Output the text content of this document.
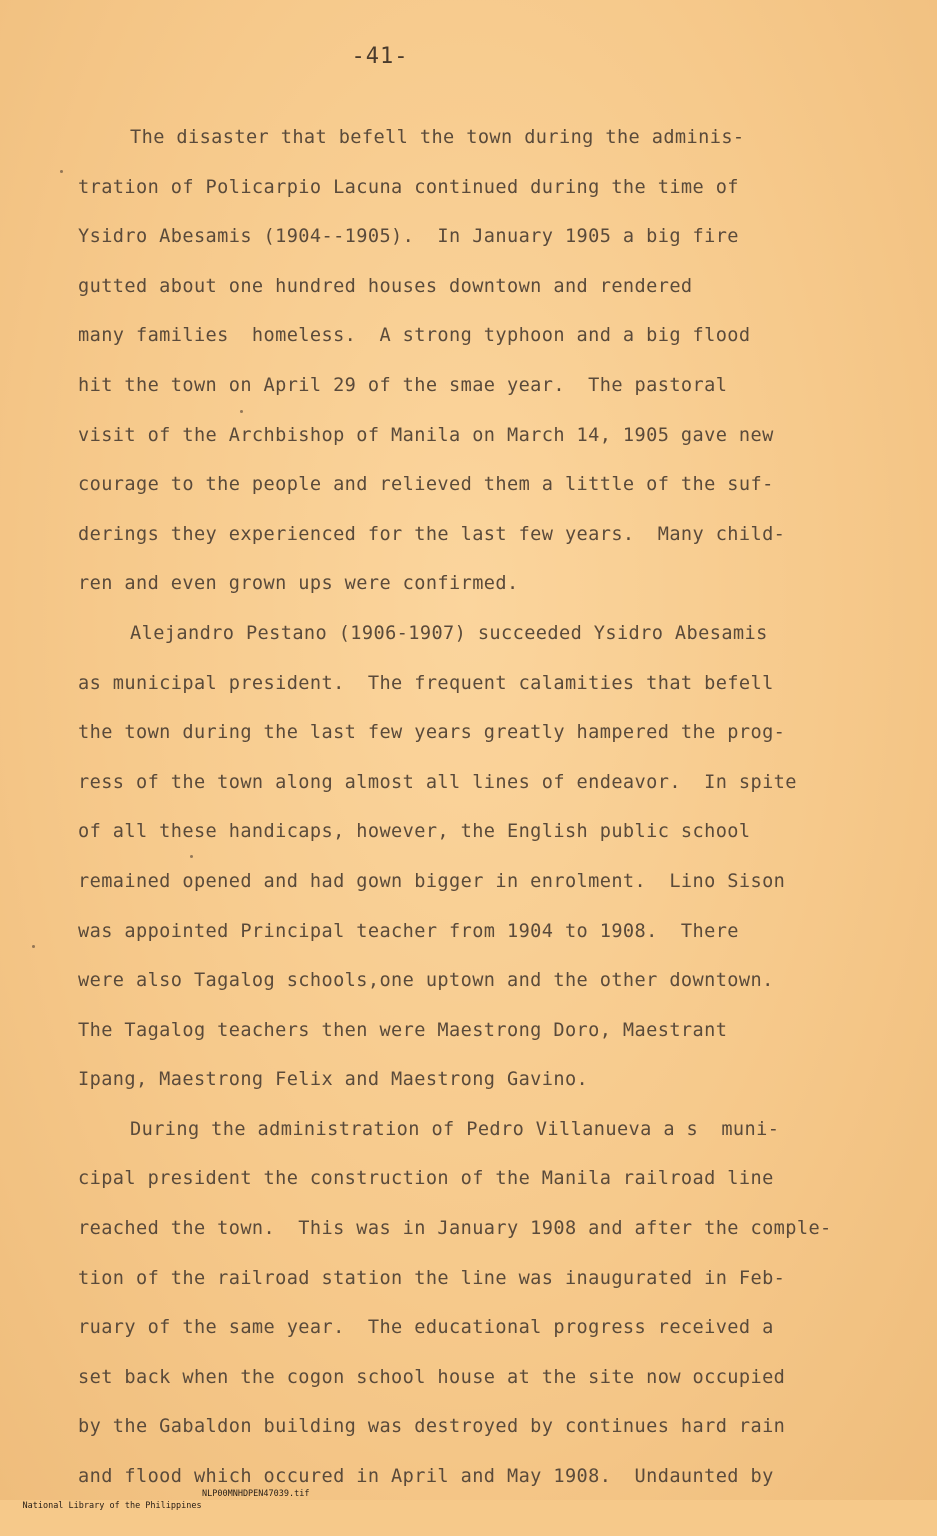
-41-
The disaster that befell the town during the adminis-
tration of Policarpio Lacuna continued during the time of
Ysidro Abesamis (1904--1905).  In January 1905 a big fire
gutted about one hundred houses downtown and rendered
many families  homeless.  A strong typhoon and a big flood
hit the town on April 29 of the smae year.  The pastoral
visit of the Archbishop of Manila on March 14, 1905 gave new
courage to the people and relieved them a little of the suf-
derings they experienced for the last few years.  Many child-
ren and even grown ups were confirmed.
Alejandro Pestano (1906-1907) succeeded Ysidro Abesamis
as municipal president.  The frequent calamities that befell
the town during the last few years greatly hampered the prog-
ress of the town along almost all lines of endeavor.  In spite
of all these handicaps, however, the English public school
remained opened and had gown bigger in enrolment.  Lino Sison
was appointed Principal teacher from 1904 to 1908.  There
were also Tagalog schools,one uptown and the other downtown.
The Tagalog teachers then were Maestrong Doro, Maestrant
Ipang, Maestrong Felix and Maestrong Gavino.
During the administration of Pedro Villanueva a s  muni-
cipal president the construction of the Manila railroad line
reached the town.  This was in January 1908 and after the comple-
tion of the railroad station the line was inaugurated in Feb-
ruary of the same year.  The educational progress received a
set back when the cogon school house at the site now occupied
by the Gabaldon building was destroyed by continues hard rain
and flood which occured in April and May 1908.  Undaunted by

National Library of the Philippines

NLP00MNHDPEN47039.tif
